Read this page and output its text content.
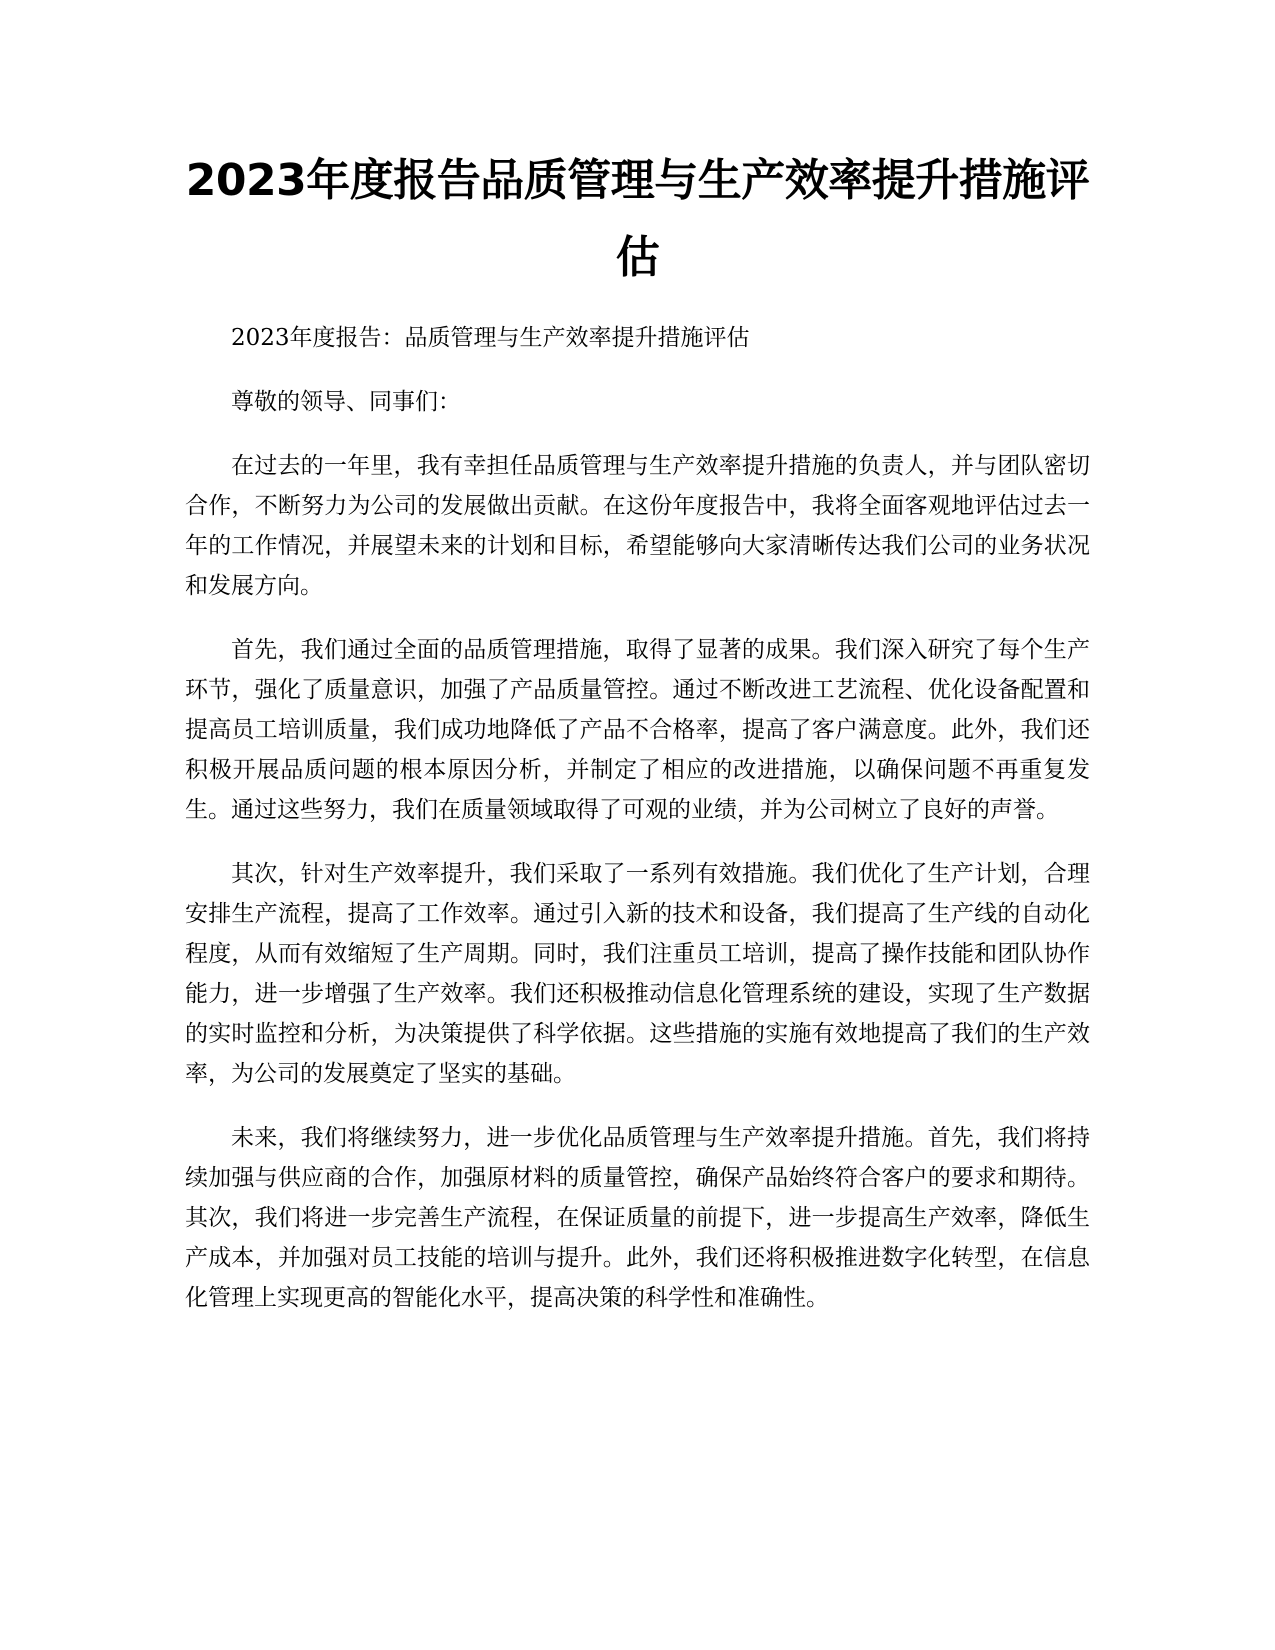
2023年度报告品质管理与生产效率提升措施评估

2023年度报告：品质管理与生产效率提升措施评估

尊敬的领导、同事们：

在过去的一年里，我有幸担任品质管理与生产效率提升措施的负责人，并与团队密切合作，不断努力为公司的发展做出贡献。在这份年度报告中，我将全面客观地评估过去一年的工作情况，并展望未来的计划和目标，希望能够向大家清晰传达我们公司的业务状况和发展方向。

首先，我们通过全面的品质管理措施，取得了显著的成果。我们深入研究了每个生产环节，强化了质量意识，加强了产品质量管控。通过不断改进工艺流程、优化设备配置和提高员工培训质量，我们成功地降低了产品不合格率，提高了客户满意度。此外，我们还积极开展品质问题的根本原因分析，并制定了相应的改进措施，以确保问题不再重复发生。通过这些努力，我们在质量领域取得了可观的业绩，并为公司树立了良好的声誉。

其次，针对生产效率提升，我们采取了一系列有效措施。我们优化了生产计划，合理安排生产流程，提高了工作效率。通过引入新的技术和设备，我们提高了生产线的自动化程度，从而有效缩短了生产周期。同时，我们注重员工培训，提高了操作技能和团队协作能力，进一步增强了生产效率。我们还积极推动信息化管理系统的建设，实现了生产数据的实时监控和分析，为决策提供了科学依据。这些措施的实施有效地提高了我们的生产效率，为公司的发展奠定了坚实的基础。

未来，我们将继续努力，进一步优化品质管理与生产效率提升措施。首先，我们将持续加强与供应商的合作，加强原材料的质量管控，确保产品始终符合客户的要求和期待。其次，我们将进一步完善生产流程，在保证质量的前提下，进一步提高生产效率，降低生产成本，并加强对员工技能的培训与提升。此外，我们还将积极推进数字化转型，在信息化管理上实现更高的智能化水平，提高决策的科学性和准确性。
